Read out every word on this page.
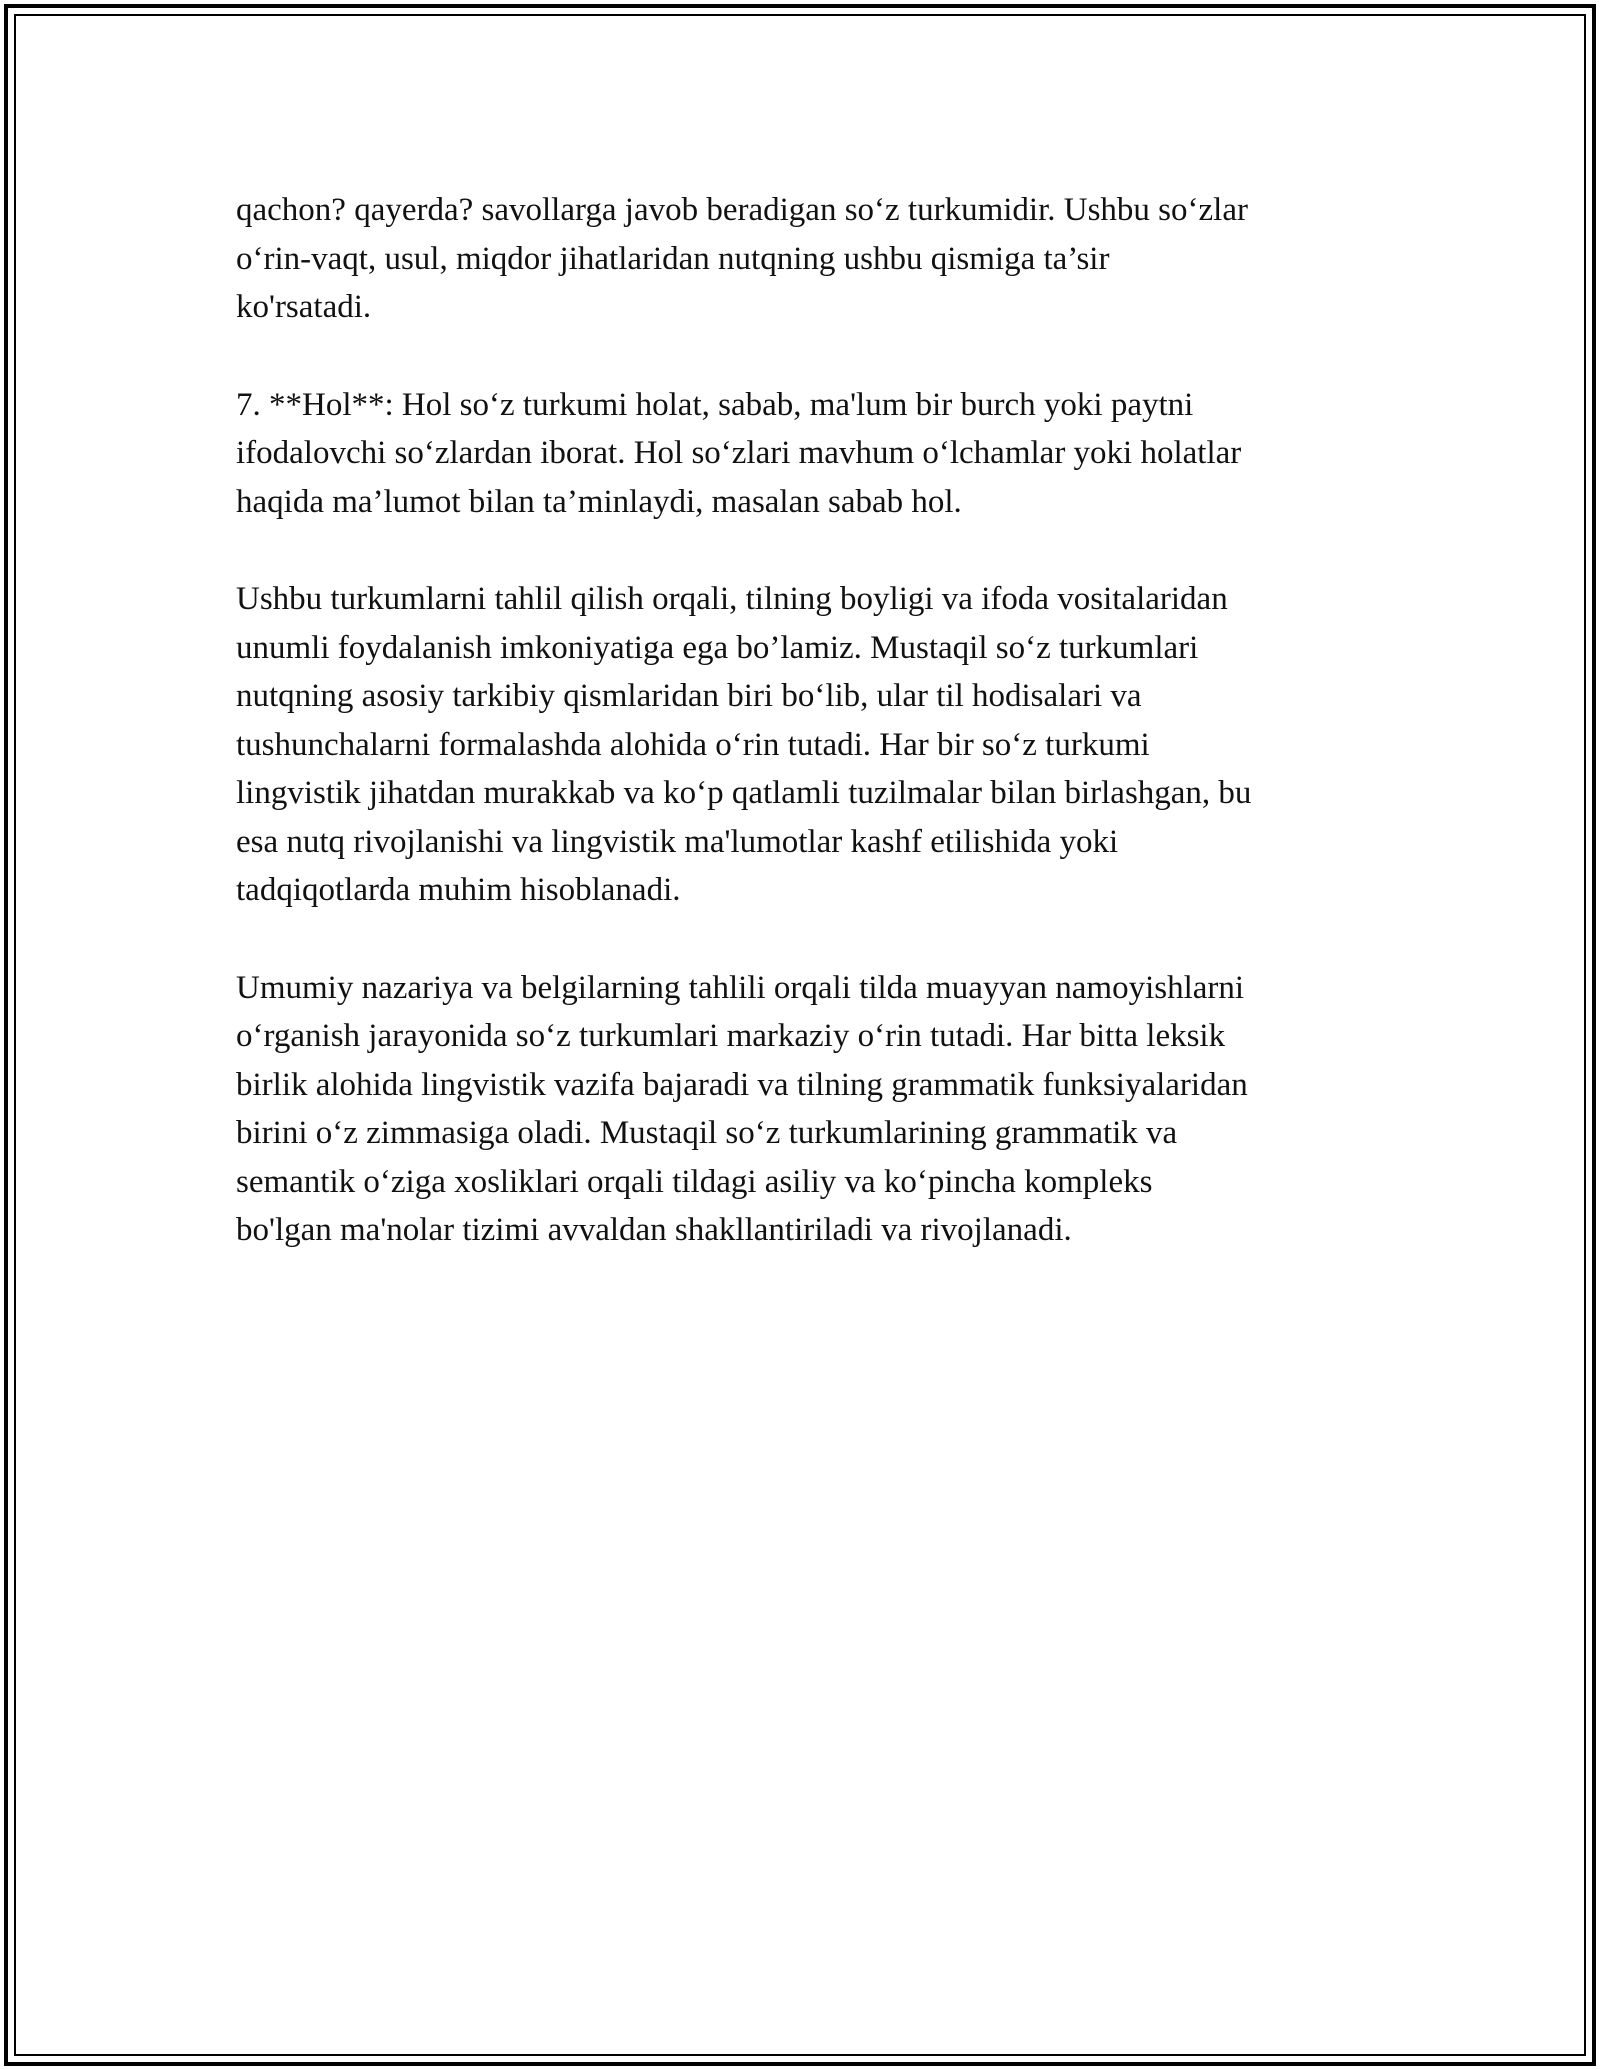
qachon? qayerda? savollarga javob beradigan so‘z turkumidir. Ushbu so‘zlar
o‘rin-vaqt, usul, miqdor jihatlaridan nutqning ushbu qismiga ta’sir
ko'rsatadi.

7. **Hol**: Hol so‘z turkumi holat, sabab, ma'lum bir burch yoki paytni
ifodalovchi so‘zlardan iborat. Hol so‘zlari mavhum o‘lchamlar yoki holatlar
haqida ma’lumot bilan ta’minlaydi, masalan sabab hol.

Ushbu turkumlarni tahlil qilish orqali, tilning boyligi va ifoda vositalaridan
unumli foydalanish imkoniyatiga ega bo’lamiz. Mustaqil so‘z turkumlari
nutqning asosiy tarkibiy qismlaridan biri bo‘lib, ular til hodisalari va
tushunchalarni formalashda alohida o‘rin tutadi. Har bir so‘z turkumi
lingvistik jihatdan murakkab va ko‘p qatlamli tuzilmalar bilan birlashgan, bu
esa nutq rivojlanishi va lingvistik ma'lumotlar kashf etilishida yoki
tadqiqotlarda muhim hisoblanadi.

Umumiy nazariya va belgilarning tahlili orqali tilda muayyan namoyishlarni
o‘rganish jarayonida so‘z turkumlari markaziy o‘rin tutadi. Har bitta leksik
birlik alohida lingvistik vazifa bajaradi va tilning grammatik funksiyalaridan
birini o‘z zimmasiga oladi. Mustaqil so‘z turkumlarining grammatik va
semantik o‘ziga xosliklari orqali tildagi asiliy va ko‘pincha kompleks
bo'lgan ma'nolar tizimi avvaldan shakllantiriladi va rivojlanadi.
